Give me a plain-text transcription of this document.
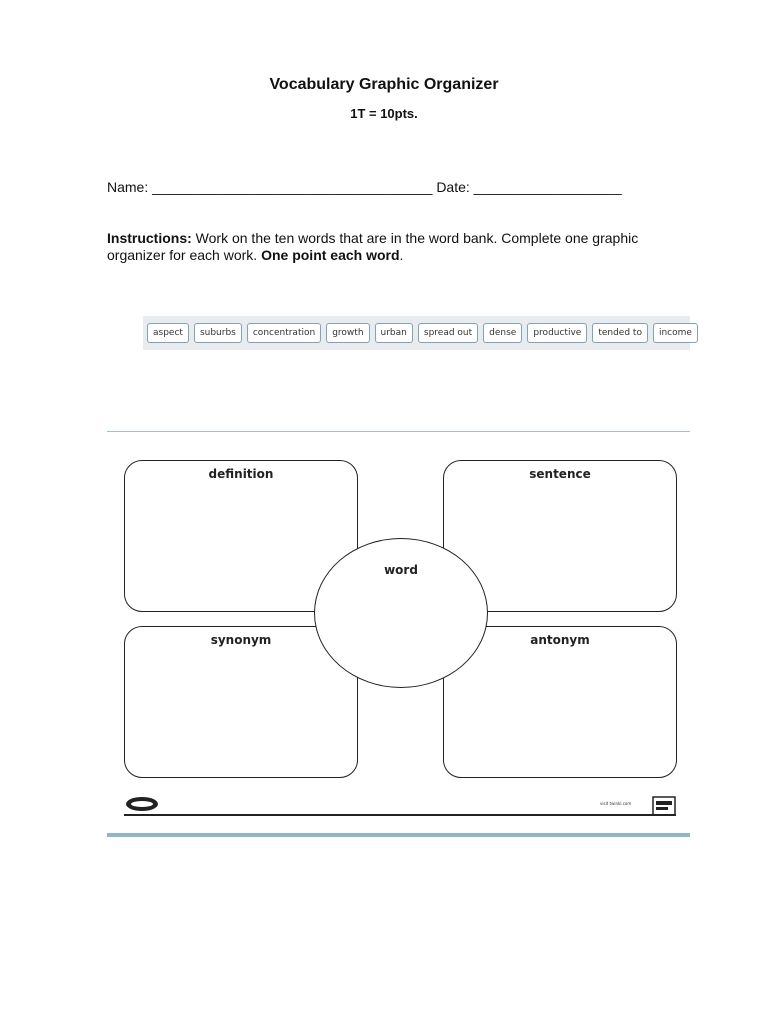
Vocabulary Graphic Organizer
1T = 10pts.
Name: ____________________________________ Date: ___________________
Instructions: Work on the ten words that are in the word bank. Complete one graphic organizer for each work. One point each word.
aspect	suburbs	concentration	growth	urban	spread out	dense	productive	tended to	income
definition	sentence
synonym	antonym
word
visit twinkl.com
